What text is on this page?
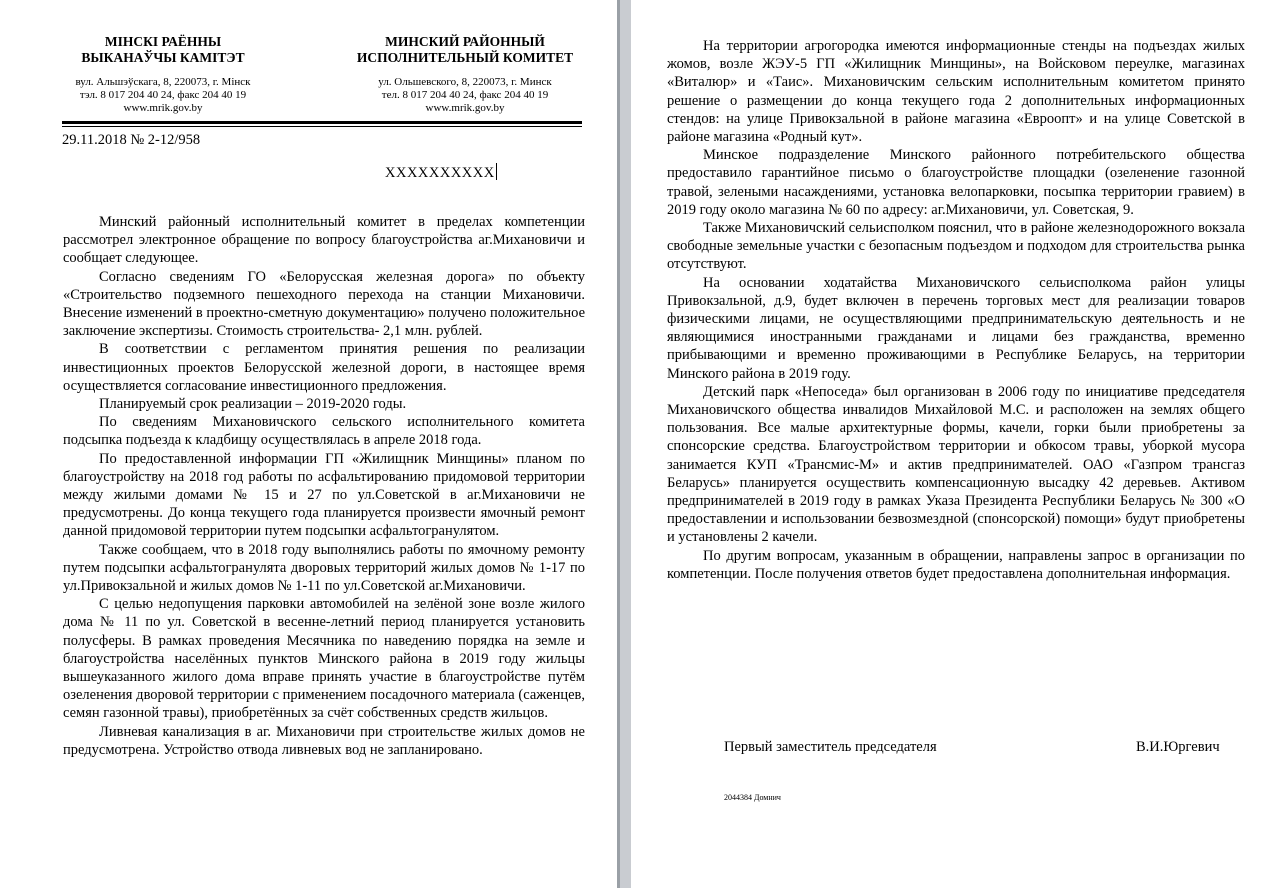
МІНСКІ РАЁННЫ
ВЫКАНАЎЧЫ КАМІТЭТ
вул. Альшэўскага, 8, 220073, г. Мінск
тэл. 8 017 204 40 24, факс 204 40 19
www.mrik.gov.by
МИНСКИЙ РАЙОННЫЙ
ИСПОЛНИТЕЛЬНЫЙ КОМИТЕТ
ул. Ольшевского, 8, 220073, г. Минск
тел. 8 017 204 40 24, факс 204 40 19
www.mrik.gov.by
29.11.2018 № 2-12/958
ХХХХХХХХХХ

Минский районный исполнительный комитет в пределах компетенции рассмотрел электронное обращение по вопросу благоустройства аг.Михановичи и сообщает следующее.

Согласно сведениям ГО «Белорусская железная дорога» по объекту «Строительство подземного пешеходного перехода на станции Михановичи. Внесение изменений в проектно-сметную документацию» получено положительное заключение экспертизы. Стоимость строительства- 2,1 млн. рублей.

В соответствии с регламентом принятия решения по реализации инвестиционных проектов Белорусской железной дороги, в настоящее время осуществляется согласование инвестиционного предложения.

Планируемый срок реализации – 2019-2020 годы.

По сведениям Михановичского сельского исполнительного комитета подсыпка подъезда к кладбищу осуществлялась в апреле 2018 года.

По предоставленной информации ГП «Жилищник Минщины» планом по благоустройству на 2018 год работы по асфальтированию придомовой территории между жилыми домами № 15 и 27 по ул.Советской в аг.Михановичи не предусмотрены. До конца текущего года планируется произвести ямочный ремонт данной придомовой территории путем подсыпки асфальтогранулятом.

Также сообщаем, что в 2018 году выполнялись работы по ямочному ремонту путем подсыпки асфальтогранулята дворовых территорий жилых домов № 1-17 по ул.Привокзальной и жилых домов № 1-11 по ул.Советской аг.Михановичи.

С целью недопущения парковки автомобилей на зелёной зоне возле жилого дома № 11 по ул. Советской в весенне-летний период планируется установить полусферы. В рамках проведения Месячника по наведению порядка на земле и благоустройства населённых пунктов Минского района в 2019 году жильцы вышеуказанного жилого дома вправе принять участие в благоустройстве путём озеленения дворовой территории с применением посадочного материала (саженцев, семян газонной травы), приобретённых за счёт собственных средств жильцов.

Ливневая канализация в аг. Михановичи при строительстве жилых домов не предусмотрена. Устройство отвода ливневых вод не запланировано.

На территории агрогородка имеются информационные стенды на подъездах жилых жомов, возле ЖЭУ-5 ГП «Жилищник Минщины», на Войсковом переулке, магазинах «Виталюр» и «Таис». Михановичским сельским исполнительным комитетом принято решение о размещении до конца текущего года 2 дополнительных информационных стендов: на улице Привокзальной в районе магазина «Евроопт» и на улице Советской в районе магазина «Родный кут».

Минское подразделение Минского районного потребительского общества предоставило гарантийное письмо о благоустройстве площадки (озеленение газонной травой, зелеными насаждениями, установка велопарковки, посыпка территории гравием) в 2019 году около магазина № 60 по адресу: аг.Михановичи, ул. Советская, 9.

Также Михановичский сельисполком пояснил, что в районе железнодорожного вокзала свободные земельные участки с безопасным подъездом и подходом для строительства рынка отсутствуют.

На основании ходатайства Михановичского сельисполкома район улицы Привокзальной, д.9, будет включен в перечень торговых мест для реализации товаров физическими лицами, не осуществляющими предпринимательскую деятельность и не являющимися иностранными гражданами и лицами без гражданства, временно прибывающими и временно проживающими в Республике Беларусь, на территории Минского района в 2019 году.

Детский парк «Непоседа» был организован в 2006 году по инициативе председателя Михановичского общества инвалидов Михайловой М.С. и расположен на землях общего пользования. Все малые архитектурные формы, качели, горки были приобретены за спонсорские средства. Благоустройством территории и обкосом травы, уборкой мусора занимается КУП «Трансмис-М» и актив предпринимателей. ОАО «Газпром трансгаз Беларусь» планируется осуществить компенсационную высадку 42 деревьев. Активом предпринимателей в 2019 году в рамках Указа Президента Республики Беларусь № 300 «О предоставлении и использовании безвозмездной (спонсорской) помощи» будут приобретены и установлены 2 качели.

По другим вопросам, указанным в обращении, направлены запрос в организации по компетенции. После получения ответов будет предоставлена дополнительная информация.

Первый заместитель председателя	В.И.Юргевич
2044384 Домнич
